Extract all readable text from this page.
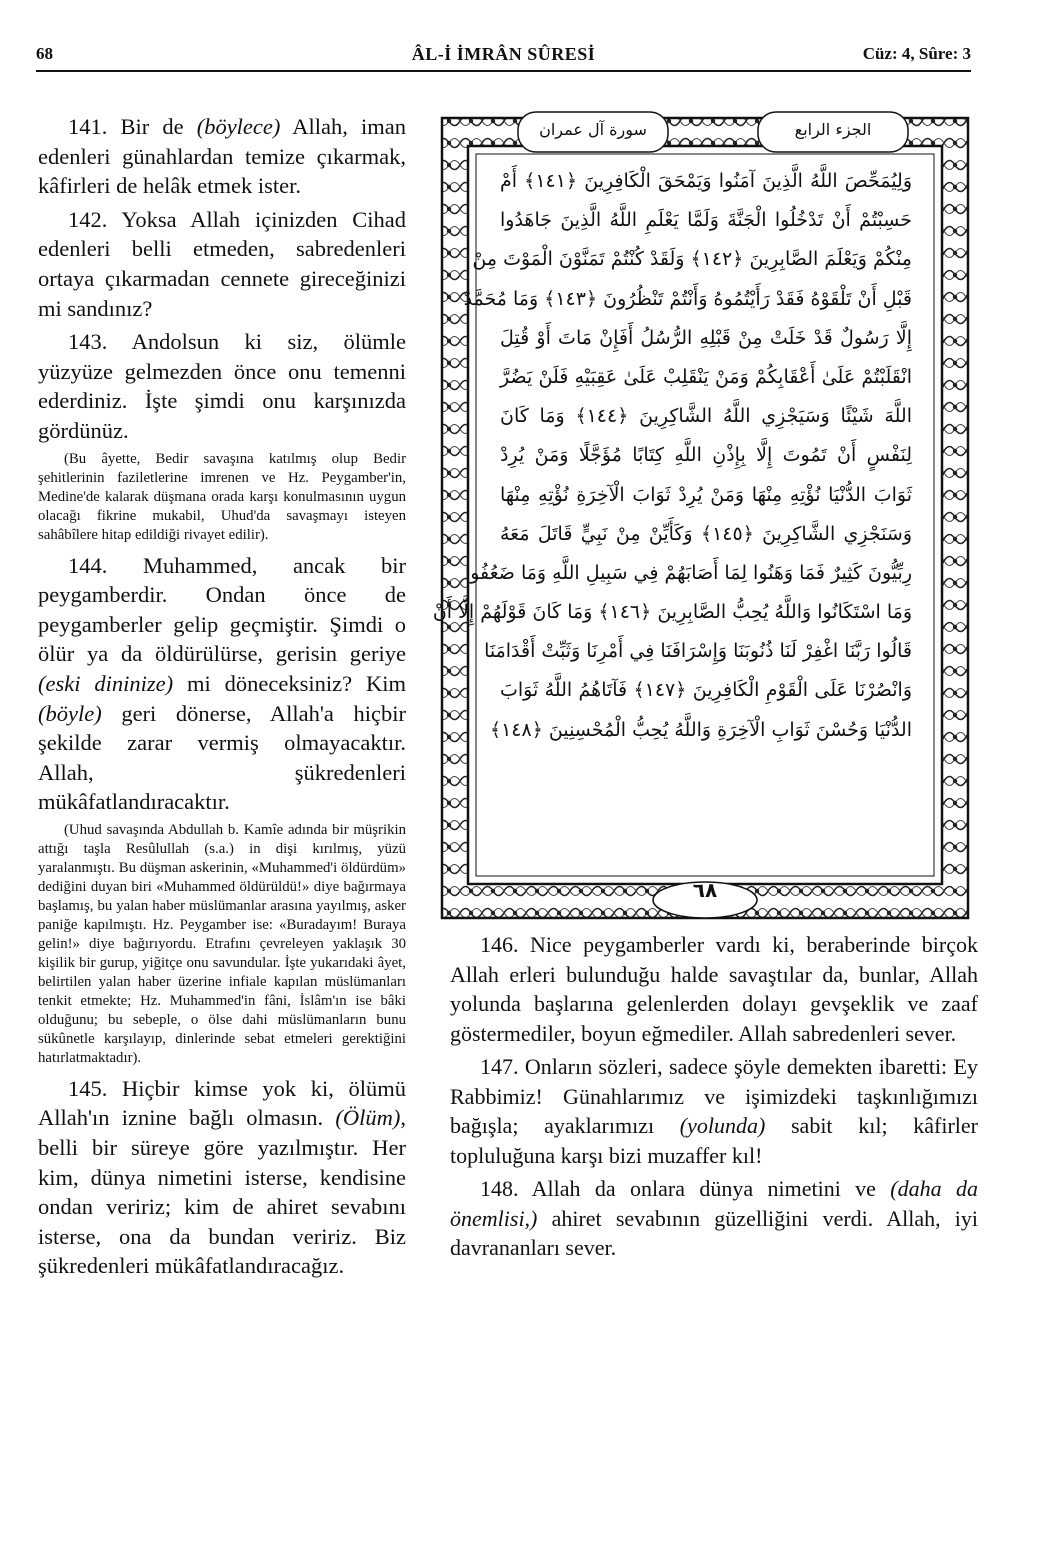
68	ÂL-İ İMRÂN SÛRESİ	Cüz: 4, Sûre: 3

141. Bir de (böylece) Allah, iman edenleri günahlardan temize çıkarmak, kâfirleri de helâk etmek ister.

142. Yoksa Allah içinizden Cihad edenleri belli etmeden, sabredenleri ortaya çıkarmadan cennete gireceğinizi mi sandınız?

143. Andolsun ki siz, ölümle yüzyüze gelmezden önce onu temenni ederdiniz. İşte şimdi onu karşınızda gördünüz.

(Bu âyette, Bedir savaşına katılmış olup Bedir şehitlerinin faziletlerine imrenen ve Hz. Peygamber'in, Medine'de kalarak düşmana orada karşı konulmasının uygun olacağı fikrine mukabil, Uhud'da savaşmayı isteyen sahâbîlere hitap edildiği rivayet edilir).

144. Muhammed, ancak bir peygamberdir. Ondan önce de peygamberler gelip geçmiştir. Şimdi o ölür ya da öldürülürse, gerisin geriye (eski dininize) mi döneceksiniz? Kim (böyle) geri dönerse, Allah'a hiçbir şekilde zarar vermiş olmayacaktır. Allah, şükredenleri mükâfatlandıracaktır.

(Uhud savaşında Abdullah b. Kamîe adında bir müşrikin attığı taşla Resûlullah (s.a.) in dişi kırılmış, yüzü yaralanmıştı. Bu düşman askerinin, «Muhammed'i öldürdüm» dediğini duyan biri «Muhammed öldürüldü!» diye bağırmaya başlamış, bu yalan haber müslümanlar arasına yayılmış, asker paniğe kapılmıştı. Hz. Peygamber ise: «Buradayım! Buraya gelin!» diye bağırıyordu. Etrafını çevreleyen yaklaşık 30 kişilik bir gurup, yiğitçe onu savundular. İşte yukarıdaki âyet, belirtilen yalan haber üzerine infiale kapılan müslümanları tenkit etmekte; Hz. Muhammed'in fâni, İslâm'ın ise bâki olduğunu; bu sebeple, o ölse dahi müslümanların bunu sükûnetle karşılayıp, dinlerinde sebat etmeleri gerektiğini hatırlatmaktadır).

145. Hiçbir kimse yok ki, ölümü Allah'ın iznine bağlı olmasın. (Ölüm), belli bir süreye göre yazılmıştır. Her kim, dünya nimetini isterse, kendisine ondan veririz; kim de ahiret sevabını isterse, ona da bundan veririz. Biz şükredenleri mükâfatlandıracağız.

سورة آل عمران	الجزء الرابع
وَلِيُمَحِّصَ اللَّهُ الَّذِينَ آمَنُوا وَيَمْحَقَ الْكَافِرِينَ ﴿١٤١﴾ أَمْ
حَسِبْتُمْ أَنْ تَدْخُلُوا الْجَنَّةَ وَلَمَّا يَعْلَمِ اللَّهُ الَّذِينَ جَاهَدُوا
مِنْكُمْ وَيَعْلَمَ الصَّابِرِينَ ﴿١٤٢﴾ وَلَقَدْ كُنْتُمْ تَمَنَّوْنَ الْمَوْتَ مِنْ
قَبْلِ أَنْ تَلْقَوْهُ فَقَدْ رَأَيْتُمُوهُ وَأَنْتُمْ تَنْظُرُونَ ﴿١٤٣﴾ وَمَا مُحَمَّدٌ
إِلَّا رَسُولٌ قَدْ خَلَتْ مِنْ قَبْلِهِ الرُّسُلُ أَفَإِنْ مَاتَ أَوْ قُتِلَ
انْقَلَبْتُمْ عَلَىٰ أَعْقَابِكُمْ وَمَنْ يَنْقَلِبْ عَلَىٰ عَقِبَيْهِ فَلَنْ يَضُرَّ
اللَّهَ شَيْئًا وَسَيَجْزِي اللَّهُ الشَّاكِرِينَ ﴿١٤٤﴾ وَمَا كَانَ
لِنَفْسٍ أَنْ تَمُوتَ إِلَّا بِإِذْنِ اللَّهِ كِتَابًا مُؤَجَّلًا وَمَنْ يُرِدْ
ثَوَابَ الدُّنْيَا نُؤْتِهِ مِنْهَا وَمَنْ يُرِدْ ثَوَابَ الْآخِرَةِ نُؤْتِهِ مِنْهَا
وَسَنَجْزِي الشَّاكِرِينَ ﴿١٤٥﴾ وَكَأَيِّنْ مِنْ نَبِيٍّ قَاتَلَ مَعَهُ
رِبِّيُّونَ كَثِيرٌ فَمَا وَهَنُوا لِمَا أَصَابَهُمْ فِي سَبِيلِ اللَّهِ وَمَا ضَعُفُوا
وَمَا اسْتَكَانُوا وَاللَّهُ يُحِبُّ الصَّابِرِينَ ﴿١٤٦﴾ وَمَا كَانَ قَوْلَهُمْ إِلَّا أَنْ
قَالُوا رَبَّنَا اغْفِرْ لَنَا ذُنُوبَنَا وَإِسْرَافَنَا فِي أَمْرِنَا وَثَبِّتْ أَقْدَامَنَا
وَانْصُرْنَا عَلَى الْقَوْمِ الْكَافِرِينَ ﴿١٤٧﴾ فَآتَاهُمُ اللَّهُ ثَوَابَ
الدُّنْيَا وَحُسْنَ ثَوَابِ الْآخِرَةِ وَاللَّهُ يُحِبُّ الْمُحْسِنِينَ ﴿١٤٨﴾
٦٨

146. Nice peygamberler vardı ki, beraberinde birçok Allah erleri bulunduğu halde savaştılar da, bunlar, Allah yolunda başlarına gelenlerden dolayı gevşeklik ve zaaf göstermediler, boyun eğmediler. Allah sabredenleri sever.

147. Onların sözleri, sadece şöyle demekten ibaretti: Ey Rabbimiz! Günahlarımız ve işimizdeki taşkınlığımızı bağışla; ayaklarımızı (yolunda) sabit kıl; kâfirler topluluğuna karşı bizi muzaffer kıl!

148. Allah da onlara dünya nimetini ve (daha da önemlisi,) ahiret sevabının güzelliğini verdi. Allah, iyi davrananları sever.
